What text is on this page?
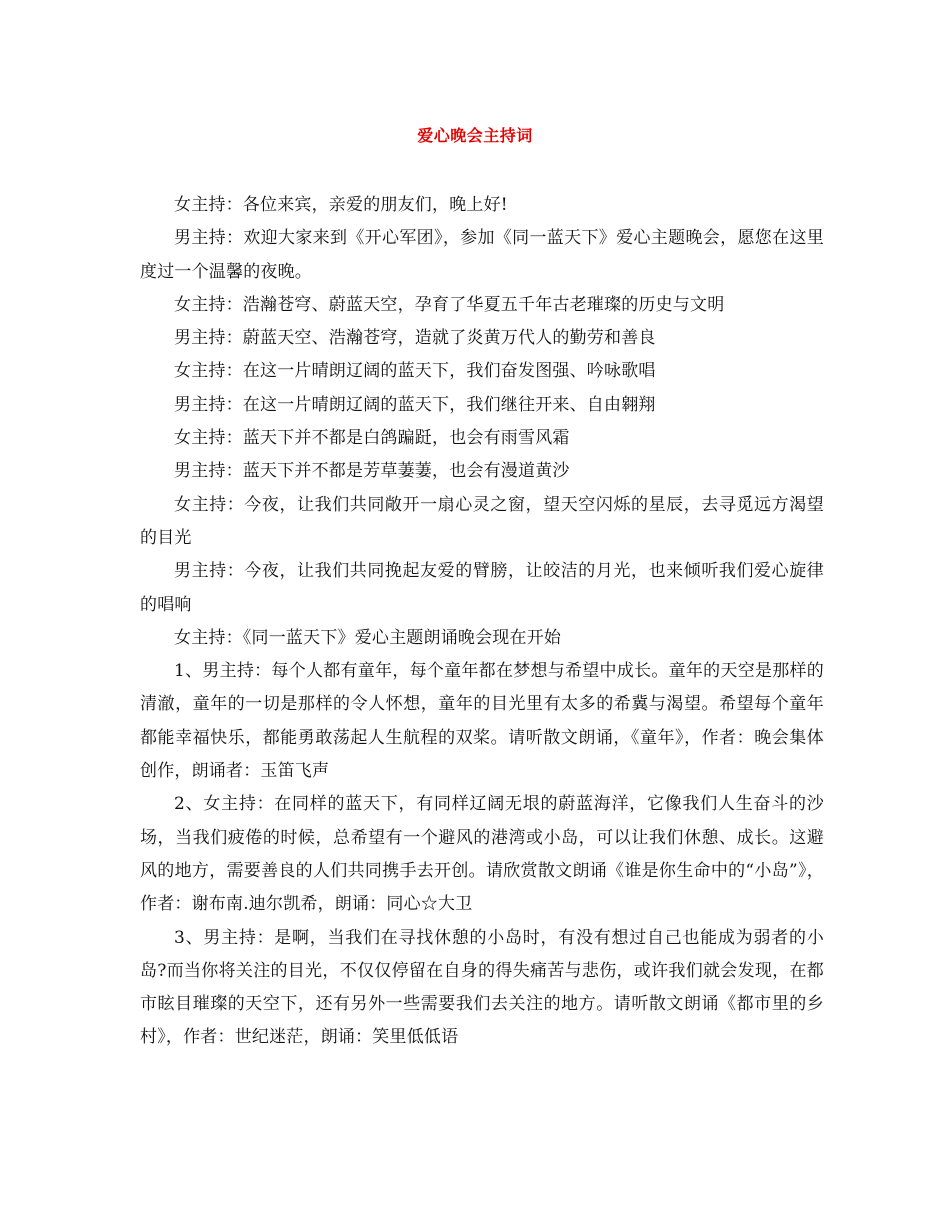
爱心晚会主持词

女主持：各位来宾，亲爱的朋友们，晚上好!

男主持：欢迎大家来到《开心军团》，参加《同一蓝天下》爱心主题晚会，愿您在这里度过一个温馨的夜晚。

女主持：浩瀚苍穹、蔚蓝天空，孕育了华夏五千年古老璀璨的历史与文明

男主持：蔚蓝天空、浩瀚苍穹，造就了炎黄万代人的勤劳和善良

女主持：在这一片晴朗辽阔的蓝天下，我们奋发图强、吟咏歌唱

男主持：在这一片晴朗辽阔的蓝天下，我们继往开来、自由翱翔

女主持：蓝天下并不都是白鸽蹁跹，也会有雨雪风霜

男主持：蓝天下并不都是芳草萋萋，也会有漫道黄沙

女主持：今夜，让我们共同敞开一扇心灵之窗，望天空闪烁的星辰，去寻觅远方渴望的目光

男主持：今夜，让我们共同挽起友爱的臂膀，让皎洁的月光，也来倾听我们爱心旋律的唱响

女主持：《同一蓝天下》爱心主题朗诵晚会现在开始

1、男主持：每个人都有童年，每个童年都在梦想与希望中成长。童年的天空是那样的清澈，童年的一切是那样的令人怀想，童年的目光里有太多的希冀与渴望。希望每个童年都能幸福快乐，都能勇敢荡起人生航程的双桨。请听散文朗诵，《童年》，作者：晚会集体创作，朗诵者：玉笛飞声

2、女主持：在同样的蓝天下，有同样辽阔无垠的蔚蓝海洋，它像我们人生奋斗的沙场，当我们疲倦的时候，总希望有一个避风的港湾或小岛，可以让我们休憩、成长。这避风的地方，需要善良的人们共同携手去开创。请欣赏散文朗诵《谁是你生命中的“小岛”》，作者：谢布南.迪尔凯希，朗诵：同心☆大卫

3、男主持：是啊，当我们在寻找休憩的小岛时，有没有想过自己也能成为弱者的小岛?而当你将关注的目光，不仅仅停留在自身的得失痛苦与悲伤，或许我们就会发现，在都市眩目璀璨的天空下，还有另外一些需要我们去关注的地方。请听散文朗诵《都市里的乡村》，作者：世纪迷茫，朗诵：笑里低低语
